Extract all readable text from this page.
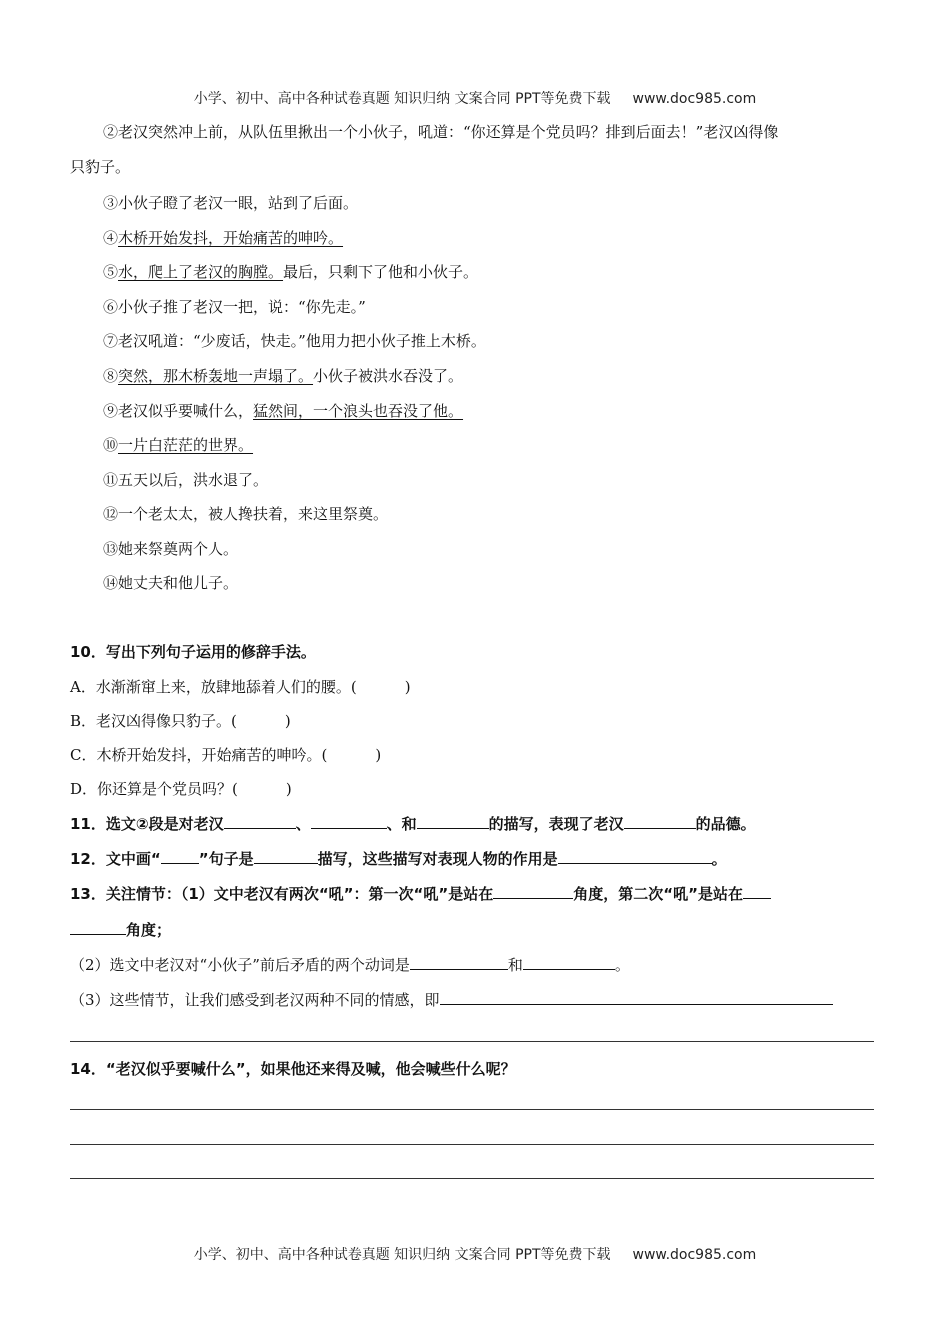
小学、初中、高中各种试卷真题 知识归纳 文案合同 PPT等免费下载 www.doc985.com
②老汉突然冲上前，从队伍里揪出一个小伙子，吼道：“你还算是个党员吗？排到后面去！”老汉凶得像
只豹子。
③小伙子瞪了老汉一眼，站到了后面。
④木桥开始发抖，开始痛苦的呻吟。
⑤水，爬上了老汉的胸膛。最后，只剩下了他和小伙子。
⑥小伙子推了老汉一把，说：“你先走。”
⑦老汉吼道：“少废话，快走。”他用力把小伙子推上木桥。
⑧突然，那木桥轰地一声塌了。小伙子被洪水吞没了。
⑨老汉似乎要喊什么，猛然间，一个浪头也吞没了他。
⑩一片白茫茫的世界。
⑪五天以后，洪水退了。
⑫一个老太太，被人搀扶着，来这里祭奠。
⑬她来祭奠两个人。
⑭她丈夫和他儿子。
10．写出下列句子运用的修辞手法。
A．水渐渐窜上来，放肆地舔着人们的腰。(	)
B．老汉凶得像只豹子。(	)
C．木桥开始发抖，开始痛苦的呻吟。(	)
D．你还算是个党员吗？(	)
11．选文②段是对老汉	、	、和	的描写，表现了老汉	的品德。
12．文中画“	”句子是	描写，这些描写对表现人物的作用是	。
13．关注情节：（1）文中老汉有两次“吼”：第一次“吼”是站在	角度，第二次“吼”是站在
角度；
（2）选文中老汉对“小伙子”前后矛盾的两个动词是	和	。
（3）这些情节，让我们感受到老汉两种不同的情感，即
14．“老汉似乎要喊什么”，如果他还来得及喊，他会喊些什么呢？
小学、初中、高中各种试卷真题 知识归纳 文案合同 PPT等免费下载 www.doc985.com
